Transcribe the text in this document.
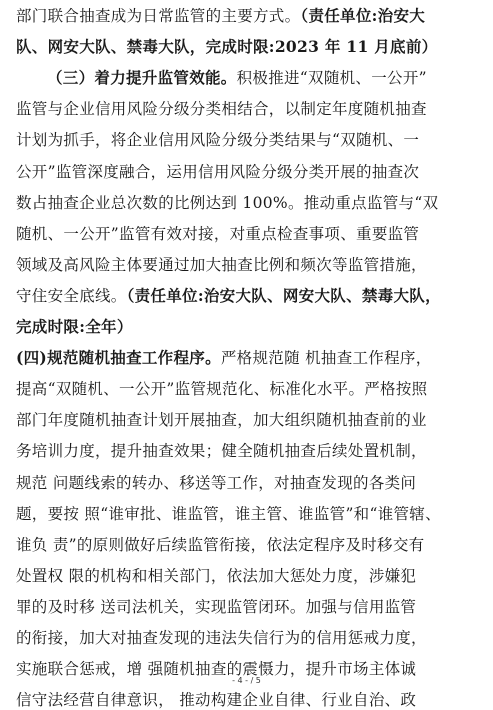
部门联合抽查成为日常监管的主要方式。（责任单位:治安大
队、网安大队、禁毒大队，完成时限:2023 年 11 月底前）
（三）着力提升监管效能。积极推进“双随机、一公开”
监管与企业信用风险分级分类相结合，以制定年度随机抽查
计划为抓手，将企业信用风险分级分类结果与“双随机、一
公开”监管深度融合，运用信用风险分级分类开展的抽查次
数占抽查企业总次数的比例达到 100%。推动重点监管与“双
随机、一公开”监管有效对接，对重点检查事项、重要监管
领域及高风险主体要通过加大抽查比例和频次等监管措施，
守住安全底线。（责任单位:治安大队、网安大队、禁毒大队，
完成时限:全年）
(四)规范随机抽查工作程序。严格规范随 机抽查工作程序，
提高“双随机、一公开”监管规范化、标准化水平。严格按照
部门年度随机抽查计划开展抽查，加大组织随机抽查前的业
务培训力度，提升抽查效果；健全随机抽查后续处置机制，
规范 问题线索的转办、移送等工作，对抽查发现的各类问
题，要按 照“谁审批、谁监管，谁主管、谁监管”和“谁管辖、
谁负 责”的原则做好后续监管衔接，依法定程序及时移交有
处置权 限的机构和相关部门，依法加大惩处力度，涉嫌犯
罪的及时移 送司法机关，实现监管闭环。加强与信用监管
的衔接，加大对抽查发现的违法失信行为的信用惩戒力度，
实施联合惩戒，增 强随机抽查的震慑力，提升市场主体诚
信守法经营自律意识， 推动构建企业自律、行业自治、政
- 4 - / 5
